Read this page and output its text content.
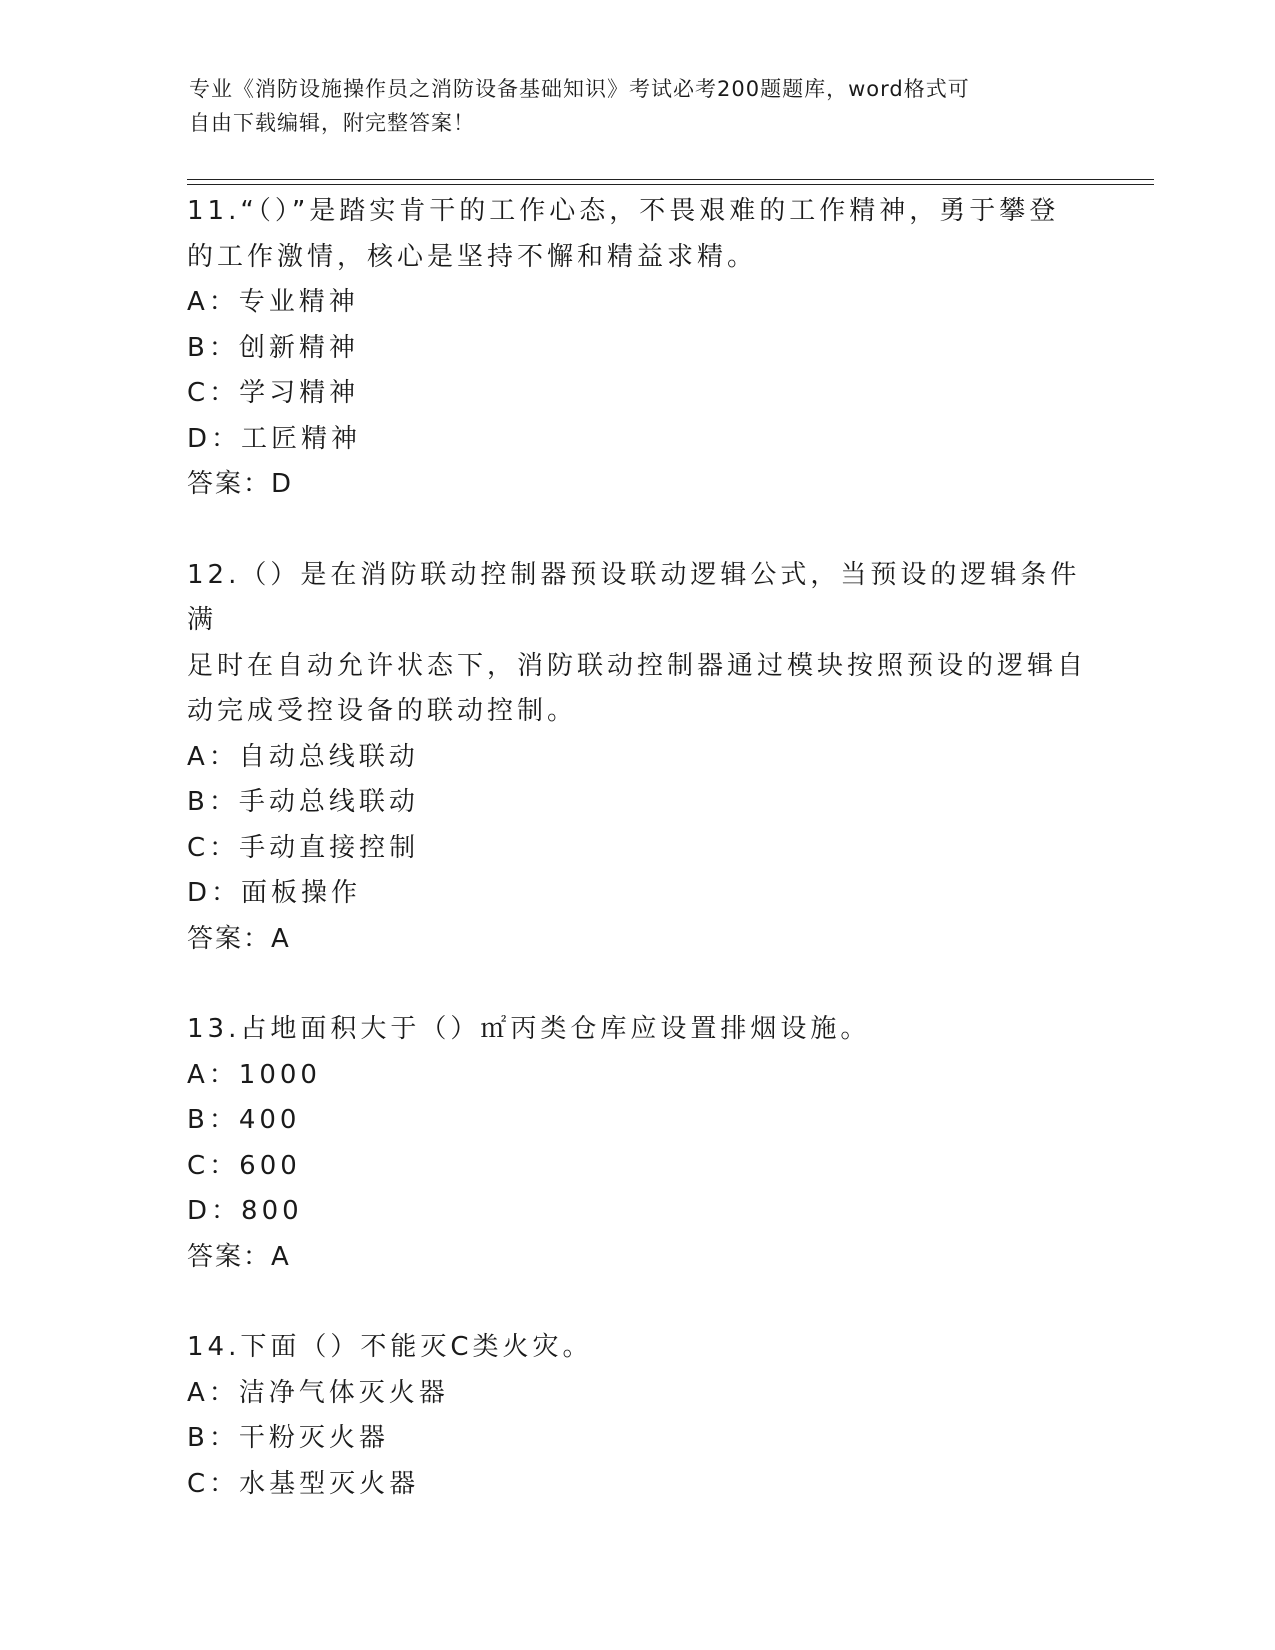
专业《消防设施操作员之消防设备基础知识》考试必考200题题库，word格式可
自由下载编辑，附完整答案！
11.“（）”是踏实肯干的工作心态，不畏艰难的工作精神，勇于攀登
的工作激情，核心是坚持不懈和精益求精。
A：专业精神
B：创新精神
C：学习精神
D：工匠精神
答案：D
12.（）是在消防联动控制器预设联动逻辑公式，当预设的逻辑条件满
足时在自动允许状态下，消防联动控制器通过模块按照预设的逻辑自
动完成受控设备的联动控制。
A：自动总线联动
B：手动总线联动
C：手动直接控制
D：面板操作
答案：A
13.占地面积大于（）㎡丙类仓库应设置排烟设施。
A：1000
B：400
C：600
D：800
答案：A
14.下面（）不能灭C类火灾。
A：洁净气体灭火器
B：干粉灭火器
C：水基型灭火器
